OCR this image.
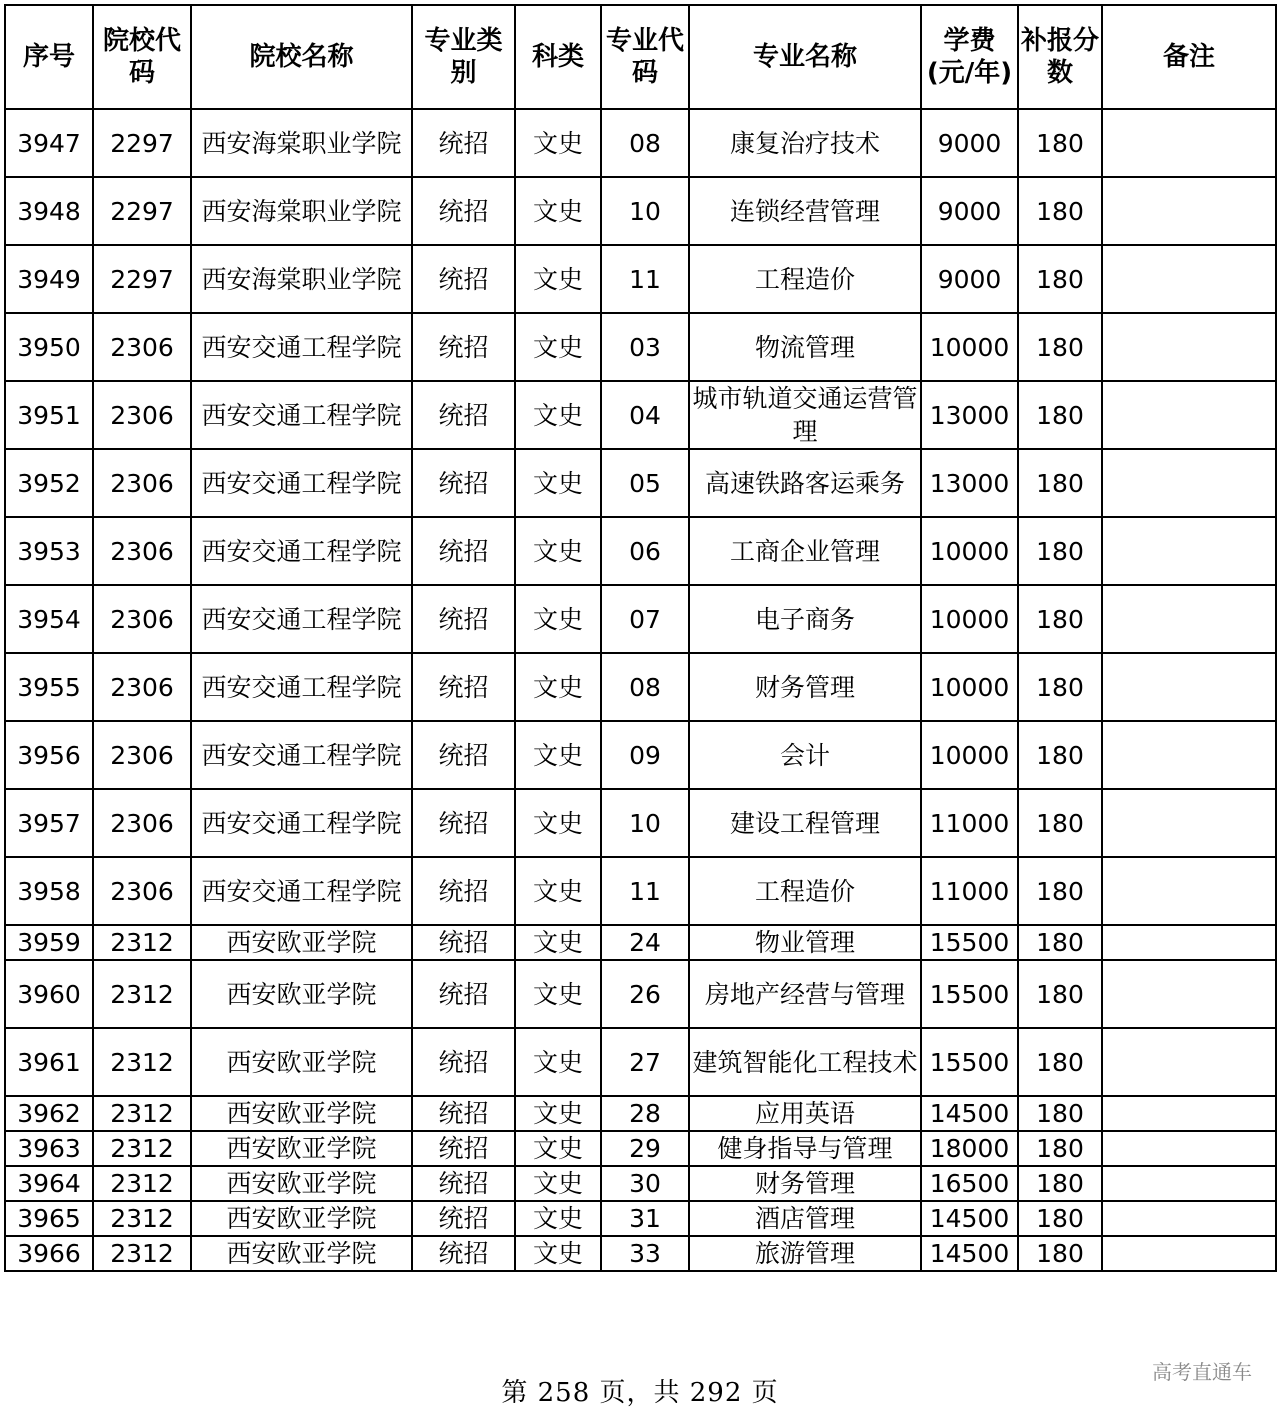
序号	院校代码	院校名称	专业类别	科类	专业代码	专业名称	学费(元/年)	补报分数	备注
3947	2297	西安海棠职业学院	统招	文史	08	康复治疗技术	9000	180	
3948	2297	西安海棠职业学院	统招	文史	10	连锁经营管理	9000	180	
3949	2297	西安海棠职业学院	统招	文史	11	工程造价	9000	180	
3950	2306	西安交通工程学院	统招	文史	03	物流管理	10000	180	
3951	2306	西安交通工程学院	统招	文史	04	城市轨道交通运营管理	13000	180	
3952	2306	西安交通工程学院	统招	文史	05	高速铁路客运乘务	13000	180	
3953	2306	西安交通工程学院	统招	文史	06	工商企业管理	10000	180	
3954	2306	西安交通工程学院	统招	文史	07	电子商务	10000	180	
3955	2306	西安交通工程学院	统招	文史	08	财务管理	10000	180	
3956	2306	西安交通工程学院	统招	文史	09	会计	10000	180	
3957	2306	西安交通工程学院	统招	文史	10	建设工程管理	11000	180	
3958	2306	西安交通工程学院	统招	文史	11	工程造价	11000	180	
3959	2312	西安欧亚学院	统招	文史	24	物业管理	15500	180	
3960	2312	西安欧亚学院	统招	文史	26	房地产经营与管理	15500	180	
3961	2312	西安欧亚学院	统招	文史	27	建筑智能化工程技术	15500	180	
3962	2312	西安欧亚学院	统招	文史	28	应用英语	14500	180	
3963	2312	西安欧亚学院	统招	文史	29	健身指导与管理	18000	180	
3964	2312	西安欧亚学院	统招	文史	30	财务管理	16500	180	
3965	2312	西安欧亚学院	统招	文史	31	酒店管理	14500	180	
3966	2312	西安欧亚学院	统招	文史	33	旅游管理	14500	180	
第 258 页，共 292 页
高考直通车
